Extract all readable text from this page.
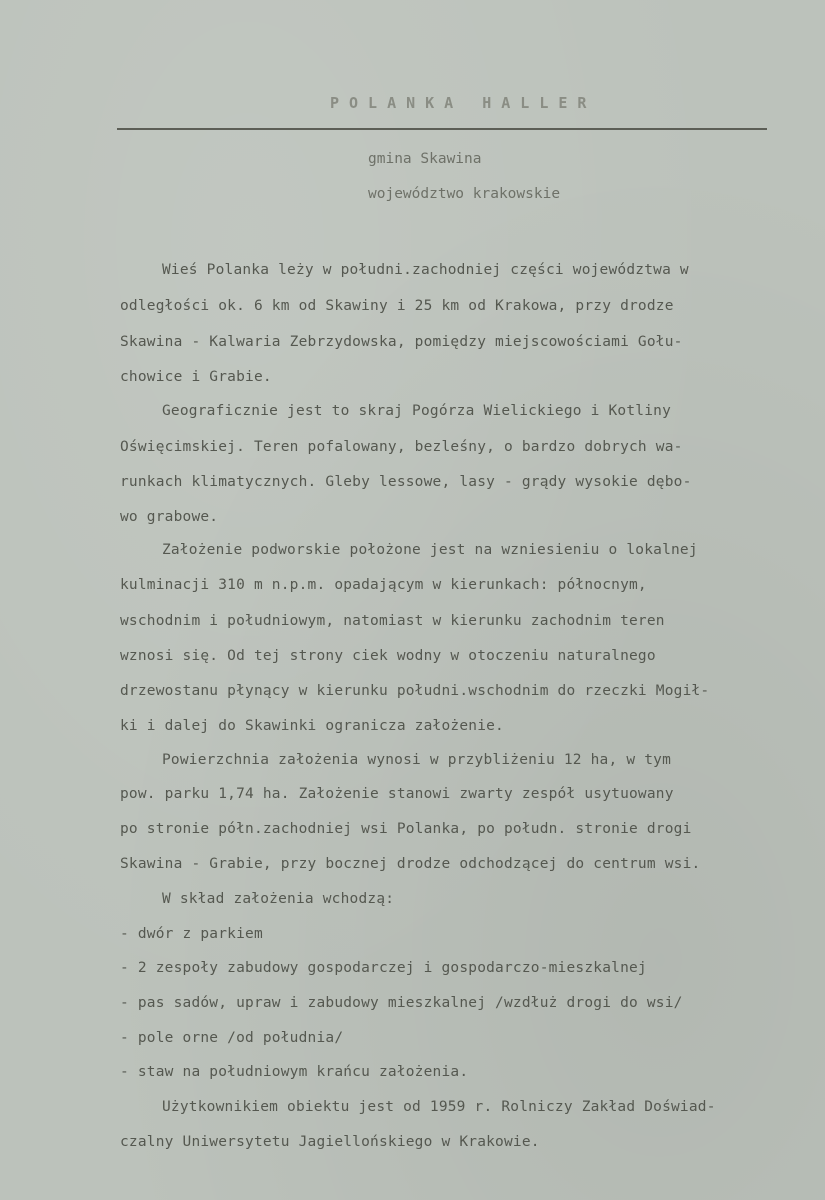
POLANKA HALLER
gmina Skawina
województwo krakowskie
Wieś Polanka leży w południ.zachodniej części województwa w
odległości ok. 6 km od Skawiny i 25 km od Krakowa, przy drodze
Skawina - Kalwaria Zebrzydowska, pomiędzy miejscowościami Gołu-
chowice i Grabie.
Geograficznie jest to skraj Pogórza Wielickiego i Kotliny
Oświęcimskiej. Teren pofalowany, bezleśny, o bardzo dobrych wa-
runkach klimatycznych. Gleby lessowe, lasy - grądy wysokie dębo-
wo grabowe.
Założenie podworskie położone jest na wzniesieniu o lokalnej
kulminacji 310 m n.p.m. opadającym w kierunkach: północnym,
wschodnim i południowym, natomiast w kierunku zachodnim teren
wznosi się. Od tej strony ciek wodny w otoczeniu naturalnego
drzewostanu płynący w kierunku południ.wschodnim do rzeczki Mogił-
ki i dalej do Skawinki ogranicza założenie.
Powierzchnia założenia wynosi w przybliżeniu 12 ha, w tym
pow. parku 1,74 ha. Założenie stanowi zwarty zespół usytuowany
po stronie półn.zachodniej wsi Polanka, po połudn. stronie drogi
Skawina - Grabie, przy bocznej drodze odchodzącej do centrum wsi.
W skład założenia wchodzą:
- dwór z parkiem
- 2 zespoły zabudowy gospodarczej i gospodarczo-mieszkalnej
- pas sadów, upraw i zabudowy mieszkalnej /wzdłuż drogi do wsi/
- pole orne /od południa/
- staw na południowym krańcu założenia.
Użytkownikiem obiektu jest od 1959 r. Rolniczy Zakład Doświad-
czalny Uniwersytetu Jagiellońskiego w Krakowie.
